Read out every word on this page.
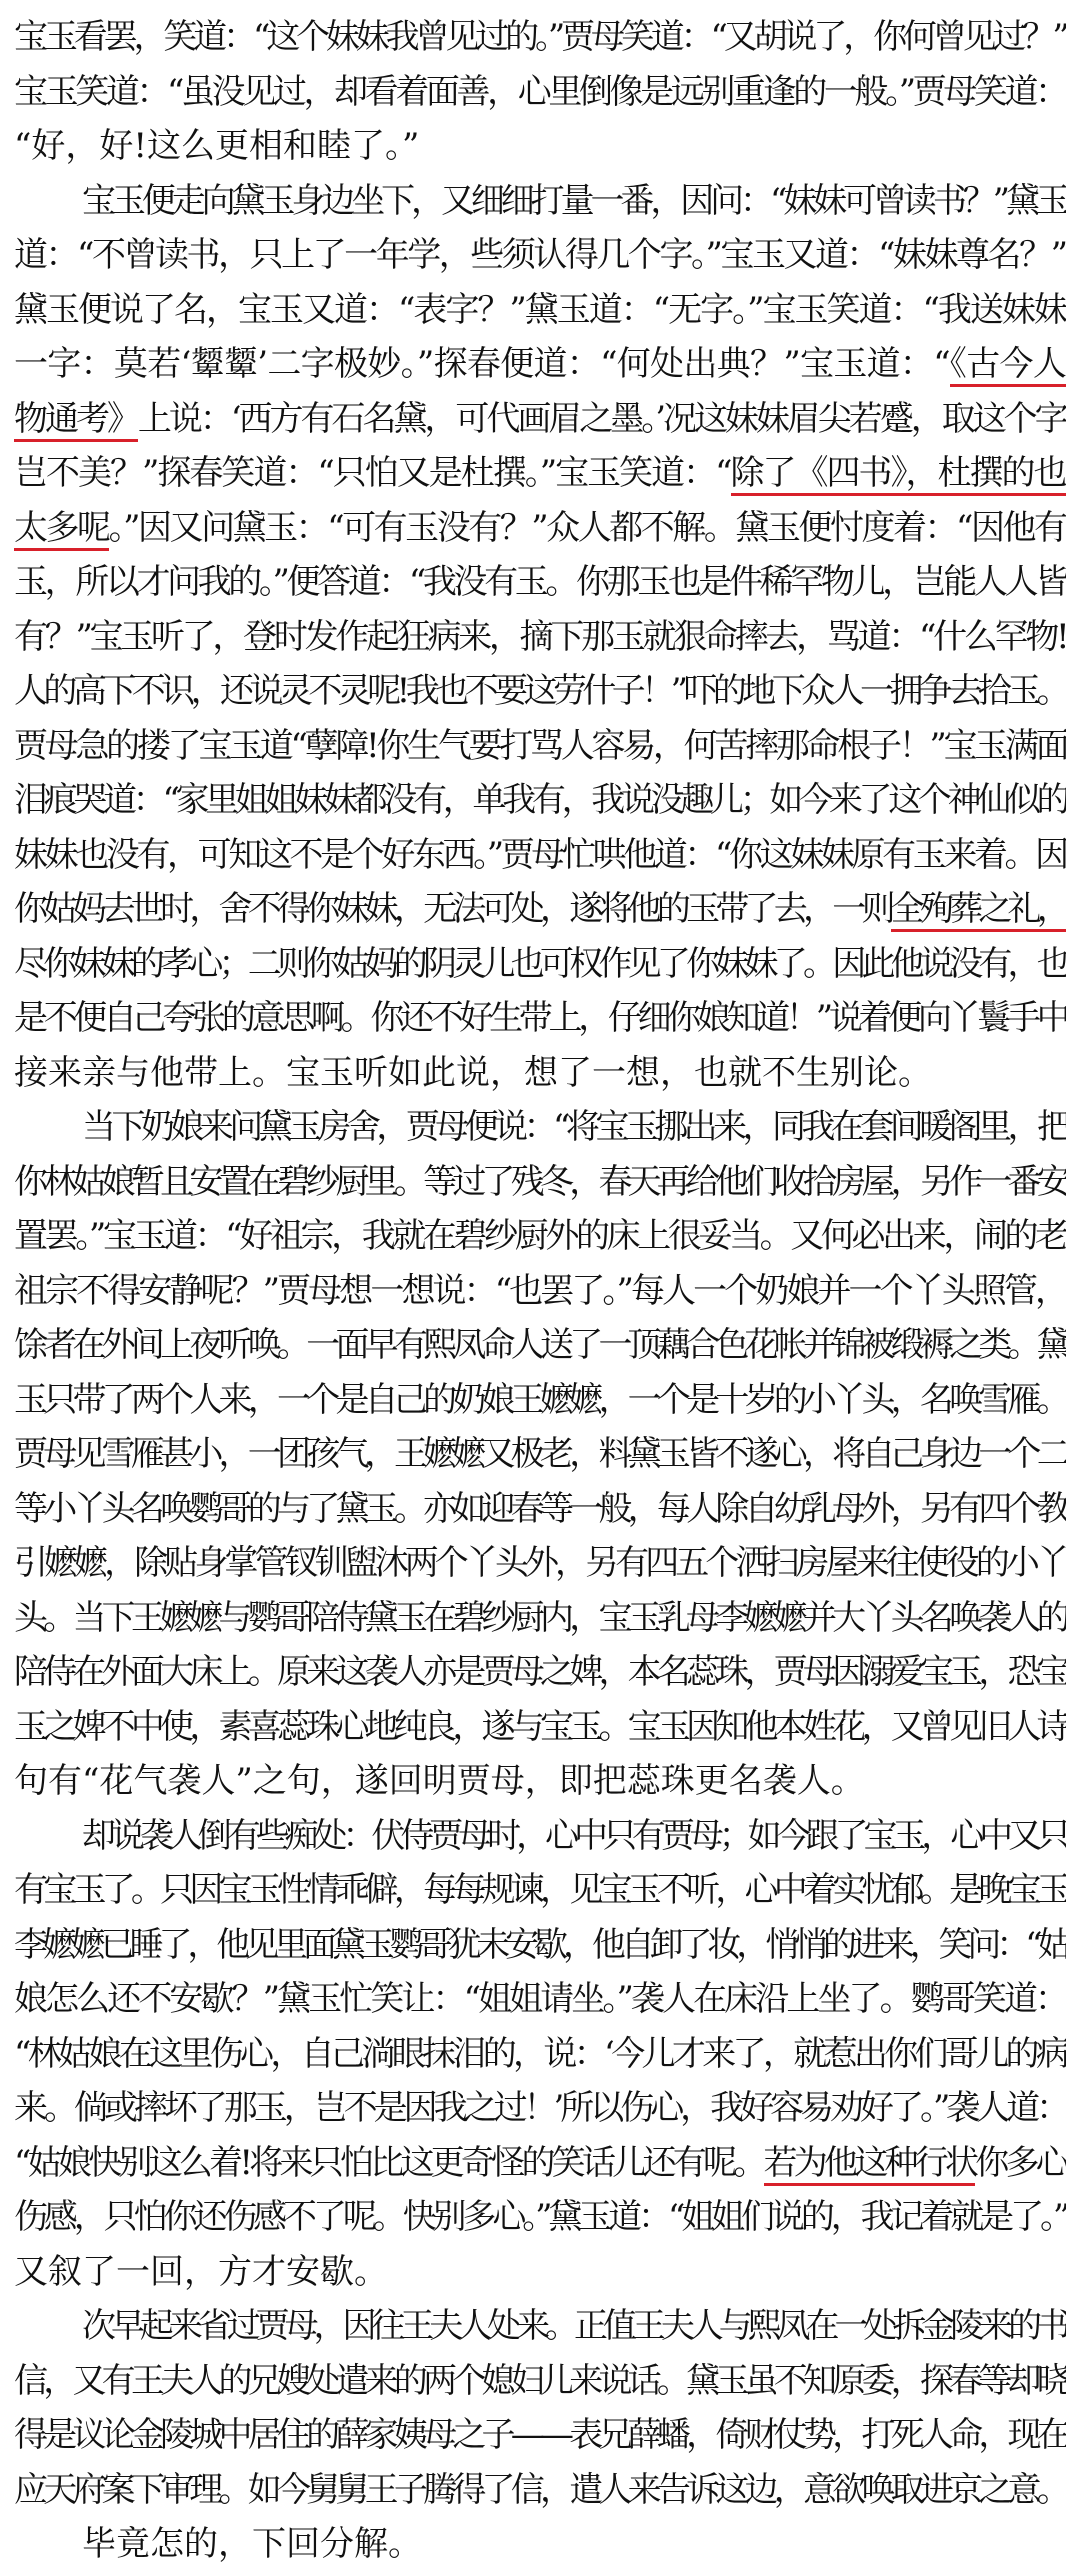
宝玉看罢，笑道：“这个妹妹我曾见过的。”贾母笑道：“又胡说了，你何曾见过？”
宝玉笑道：“虽没见过，却看着面善，心里倒像是远别重逢的一般。”贾母笑道：
“好，好!这么更相和睦了。”
宝玉便走向黛玉身边坐下，又细细打量一番，因问：“妹妹可曾读书？”黛玉
道：“不曾读书，只上了一年学，些须认得几个字。”宝玉又道：“妹妹尊名？”
黛玉便说了名，宝玉又道：“表字？”黛玉道：“无字。”宝玉笑道：“我送妹妹
一字：莫若‘颦颦’二字极妙。”探春便道：“何处出典？”宝玉道：“《古今人
物通考》上说：‘西方有石名黛，可代画眉之墨。’况这妹妹眉尖若蹙，取这个字
岂不美？”探春笑道：“只怕又是杜撰。”宝玉笑道：“除了《四书》，杜撰的也
太多呢。”因又问黛玉：“可有玉没有？”众人都不解。黛玉便忖度着：“因他有
玉，所以才问我的。”便答道：“我没有玉。你那玉也是件稀罕物儿，岂能人人皆
有？”宝玉听了，登时发作起狂病来，摘下那玉就狠命摔去，骂道：“什么罕物!
人的高下不识，还说灵不灵呢!我也不要这劳什子！”吓的地下众人一拥争去拾玉。
贾母急的搂了宝玉道“孽障!你生气要打骂人容易，何苦摔那命根子！”宝玉满面
泪痕哭道：“家里姐姐妹妹都没有，单我有，我说没趣儿；如今来了这个神仙似的
妹妹也没有，可知这不是个好东西。”贾母忙哄他道：“你这妹妹原有玉来着。因
你姑妈去世时，舍不得你妹妹，无法可处，遂将他的玉带了去，一则全殉葬之礼，
尽你妹妹的孝心；二则你姑妈的阴灵儿也可权作见了你妹妹了。因此他说没有，也
是不便自己夸张的意思啊。你还不好生带上，仔细你娘知道！”说着便向丫鬟手中
接来亲与他带上。宝玉听如此说，想了一想，也就不生别论。
当下奶娘来问黛玉房舍，贾母便说：“将宝玉挪出来，同我在套间暖阁里，把
你林姑娘暂且安置在碧纱厨里。等过了残冬，春天再给他们收拾房屋，另作一番安
置罢。”宝玉道：“好祖宗，我就在碧纱厨外的床上很妥当。又何必出来，闹的老
祖宗不得安静呢？”贾母想一想说：“也罢了。”每人一个奶娘并一个丫头照管，
馀者在外间上夜听唤。一面早有熙凤命人送了一顶藕合色花帐并锦被缎褥之类。黛
玉只带了两个人来，一个是自己的奶娘王嬷嬷，一个是十岁的小丫头，名唤雪雁。
贾母见雪雁甚小，一团孩气，王嬷嬷又极老，料黛玉皆不遂心，将自己身边一个二
等小丫头名唤鹦哥的与了黛玉。亦如迎春等一般，每人除自幼乳母外，另有四个教
引嬷嬷，除贴身掌管钗钏盥沐两个丫头外，另有四五个洒扫房屋来往使役的小丫
头。当下王嬷嬷与鹦哥陪侍黛玉在碧纱厨内，宝玉乳母李嬷嬷并大丫头名唤袭人的
陪侍在外面大床上。原来这袭人亦是贾母之婢，本名蕊珠，贾母因溺爱宝玉，恐宝
玉之婢不中使，素喜蕊珠心地纯良，遂与宝玉。宝玉因知他本姓花，又曾见旧人诗
句有“花气袭人”之句，遂回明贾母，即把蕊珠更名袭人。
却说袭人倒有些痴处：伏侍贾母时，心中只有贾母；如今跟了宝玉，心中又只
有宝玉了。只因宝玉性情乖僻，每每规谏，见宝玉不听，心中着实忧郁。是晚宝玉
李嬷嬷已睡了，他见里面黛玉鹦哥犹未安歇，他自卸了妆，悄悄的进来，笑问：“姑
娘怎么还不安歇？”黛玉忙笑让：“姐姐请坐。”袭人在床沿上坐了。鹦哥笑道：
“林姑娘在这里伤心，自己淌眼抹泪的，说：‘今儿才来了，就惹出你们哥儿的病
来。倘或摔坏了那玉，岂不是因我之过！’所以伤心，我好容易劝好了。”袭人道：
“姑娘快别这么着!将来只怕比这更奇怪的笑话儿还有呢。若为他这种行状你多心
伤感，只怕你还伤感不了呢。快别多心。”黛玉道：“姐姐们说的，我记着就是了。”
又叙了一回，方才安歇。
次早起来省过贾母，因往王夫人处来。正值王夫人与熙凤在一处拆金陵来的书
信，又有王夫人的兄嫂处遣来的两个媳妇儿来说话。黛玉虽不知原委，探春等却晓
得是议论金陵城中居住的薛家姨母之子——表兄薛蟠，倚财仗势，打死人命，现在
应天府案下审理。如今舅舅王子腾得了信，遣人来告诉这边，意欲唤取进京之意。
毕竟怎的，下回分解。
